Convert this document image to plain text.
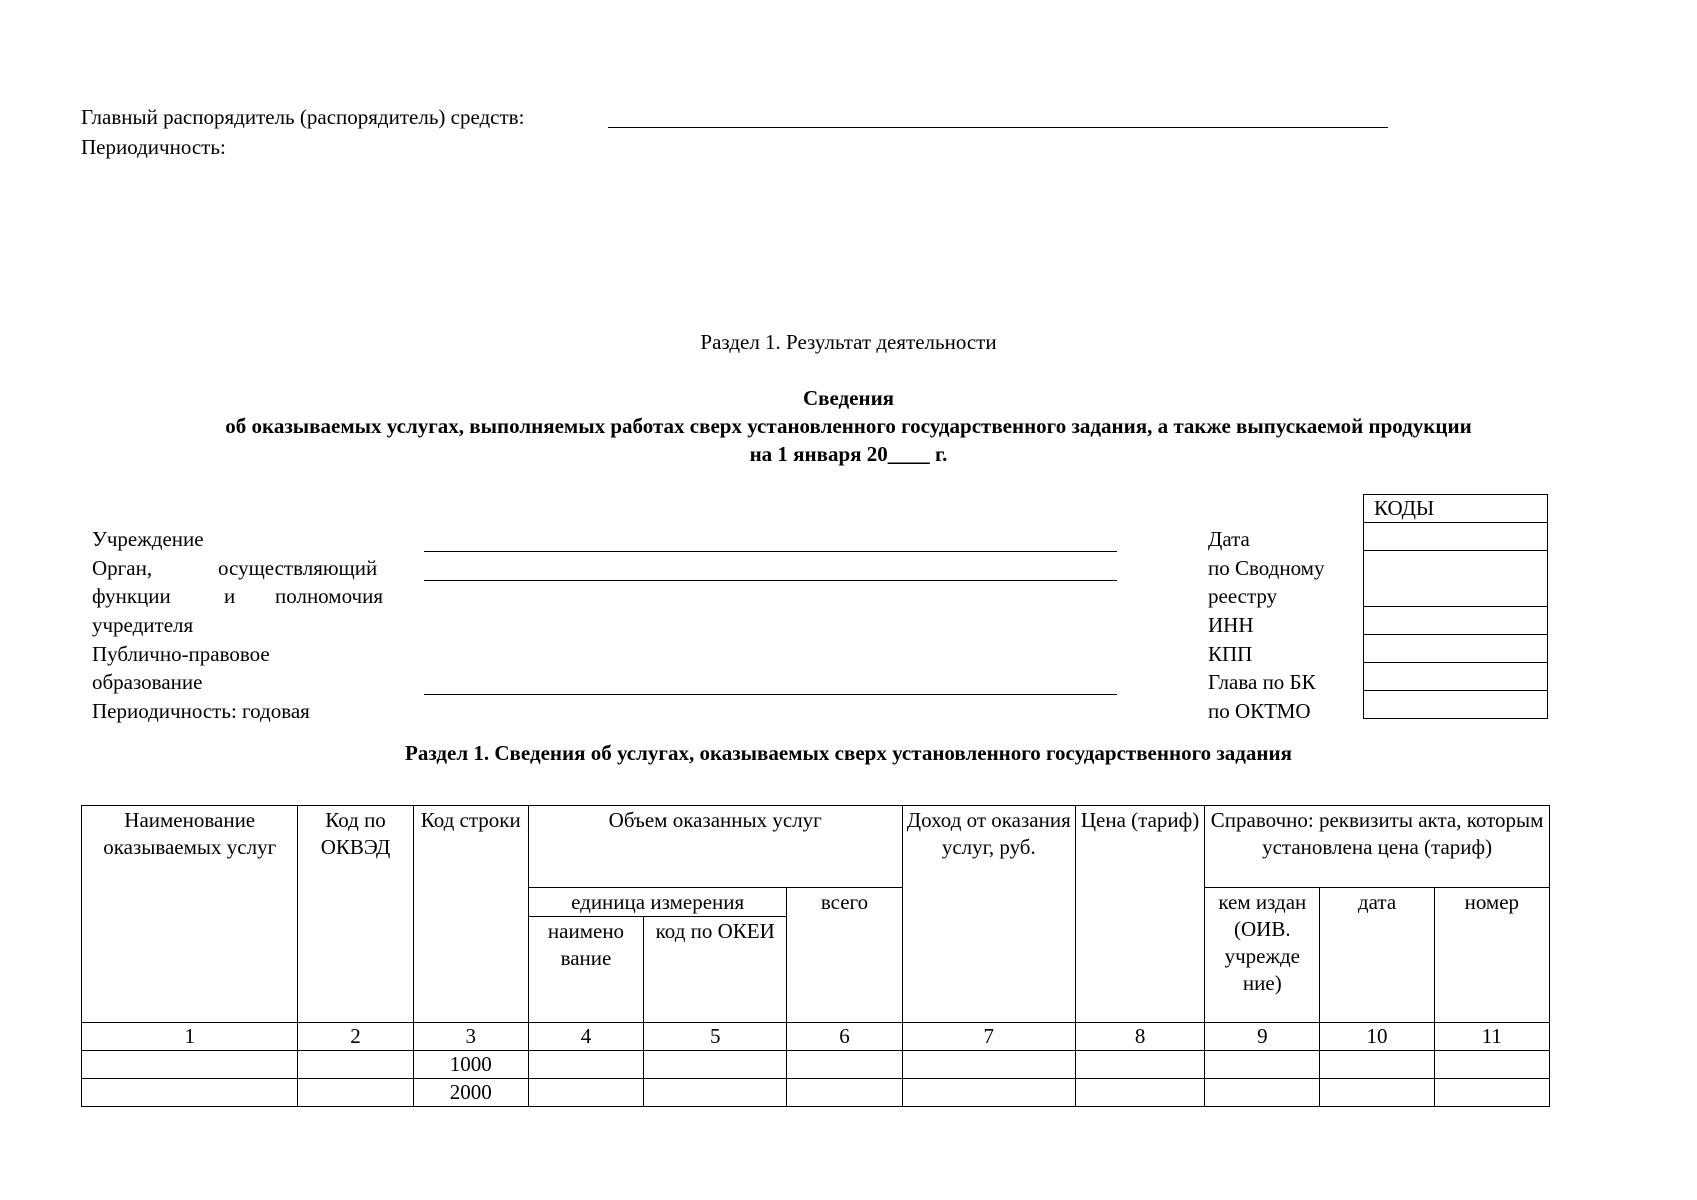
Главный распорядитель (распорядитель) средств:
Периодичность:
Раздел 1. Результат деятельности
Сведения
об оказываемых услугах, выполняемых работах сверх установленного государственного задания, а также выпускаемой продукции
на 1 января 20____ г.
Учреждение
Орган,	осуществляющий
функции	и полномочия
учредителя
Публично-правовое
образование
Периодичность: годовая
Дата
по Сводному
реестру
ИНН
КПП
Глава по БК
по ОКТМО
КОДЫ

Раздел 1. Сведения об услугах, оказываемых сверх установленного государственного задания
Наименование оказываемых услуг	Код по ОКВЭД	Код строки	Объем оказанных услуг			Доход от оказания услуг, руб.	Цена (тариф)	Справочно: реквизиты акта, которым установлена цена (тариф)		
			единица измерения		всего			кем издан (ОИВ. учрежде ние)	дата	номер
			наимено вание	код по ОКЕИ						
1	2	3	4	5	6	7	8	9	10	11
		1000								
		2000								
